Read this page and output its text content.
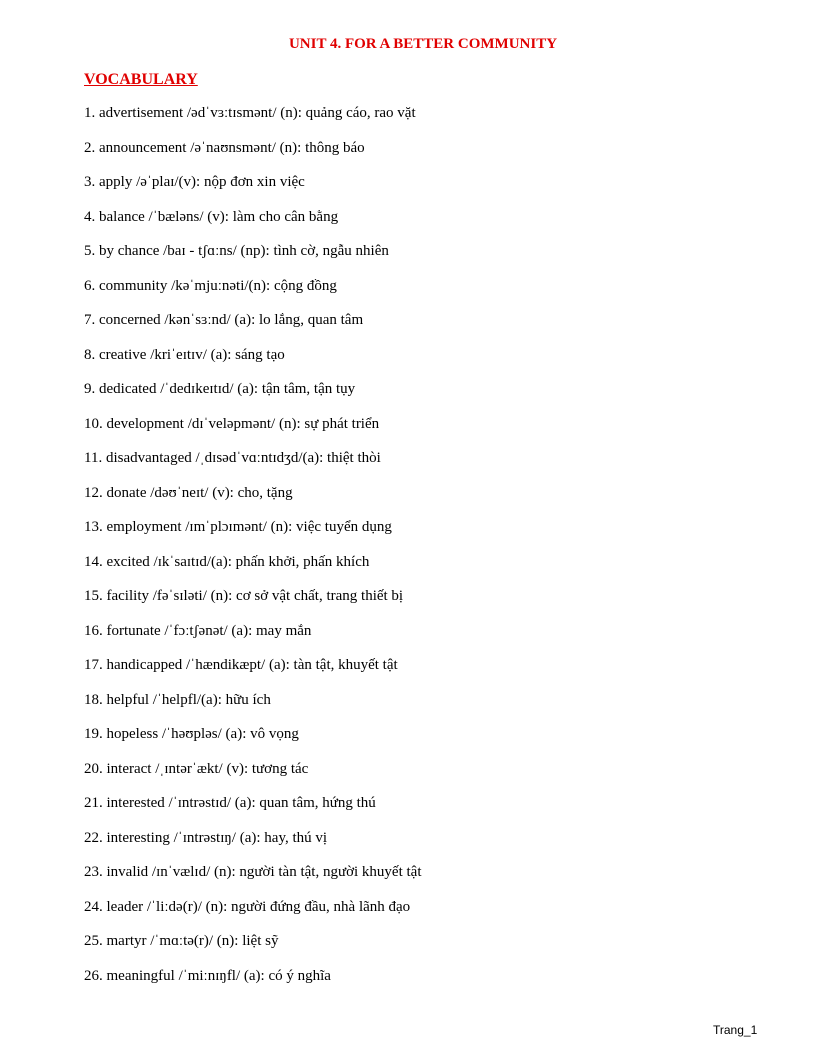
UNIT 4. FOR A BETTER COMMUNITY
VOCABULARY
1. advertisement /ədˈvɜːtɪsmənt/ (n): quảng cáo, rao vặt
2. announcement /əˈnaʊnsmənt/ (n): thông báo
3. apply /əˈplaɪ/(v): nộp đơn xin việc
4. balance /ˈbæləns/ (v): làm cho cân bằng
5. by chance /baɪ - tʃɑːns/ (np): tình cờ, ngẫu nhiên
6. community /kəˈmjuːnəti/(n): cộng đồng
7. concerned /kənˈsɜːnd/ (a): lo lắng, quan tâm
8. creative /kriˈeɪtɪv/ (a): sáng tạo
9. dedicated /ˈdedɪkeɪtɪd/ (a): tận tâm, tận tụy
10. development /dɪˈveləpmənt/ (n): sự phát triển
11. disadvantaged /ˌdɪsədˈvɑːntɪdʒd/(a): thiệt thòi
12. donate /dəʊˈneɪt/ (v): cho, tặng
13. employment /ɪmˈplɔɪmənt/ (n): việc tuyển dụng
14. excited /ɪkˈsaɪtɪd/(a): phấn khởi, phấn khích
15. facility /fəˈsɪləti/ (n): cơ sở vật chất, trang thiết bị
16. fortunate /ˈfɔːtʃənət/ (a): may mắn
17. handicapped /ˈhændikæpt/ (a): tàn tật, khuyết tật
18. helpful /ˈhelpfl/(a): hữu ích
19. hopeless /ˈhəʊpləs/ (a): vô vọng
20. interact /ˌɪntərˈækt/ (v): tương tác
21. interested /ˈɪntrəstɪd/ (a): quan tâm, hứng thú
22. interesting /ˈɪntrəstɪŋ/ (a): hay, thú vị
23. invalid /ɪnˈvælɪd/ (n): người tàn tật, người khuyết tật
24. leader /ˈliːdə(r)/ (n): người đứng đầu, nhà lãnh đạo
25. martyr /ˈmɑːtə(r)/ (n): liệt sỹ
26. meaningful /ˈmiːnɪŋfl/ (a): có ý nghĩa
Trang_1
